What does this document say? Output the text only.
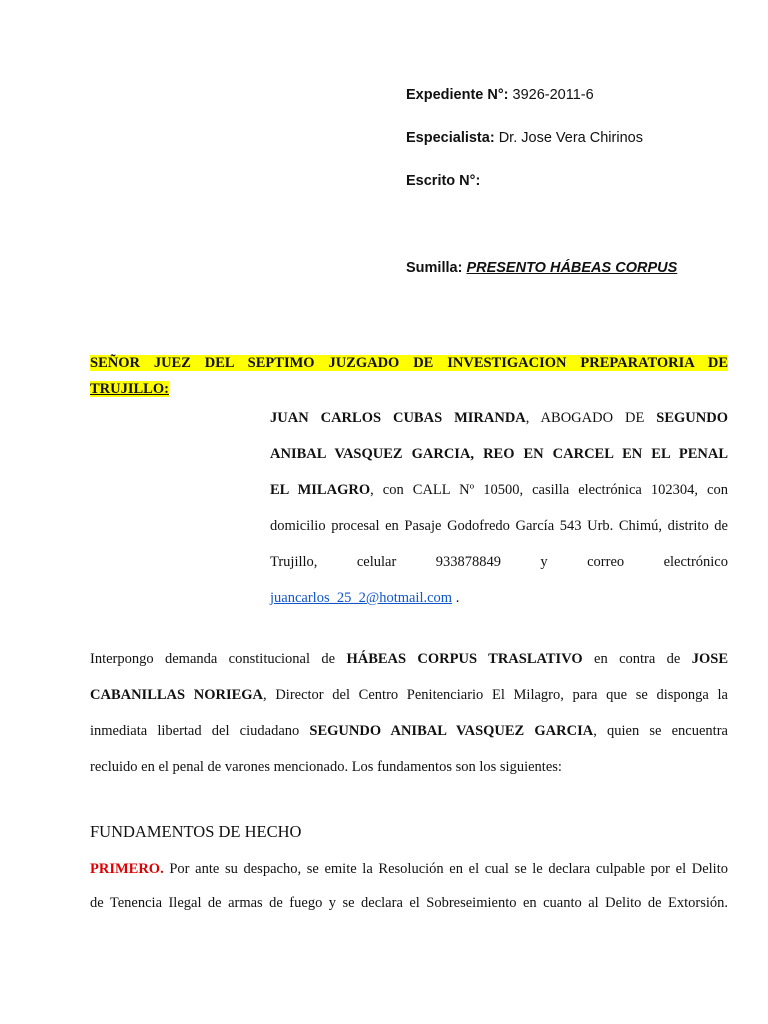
Expediente N°: 3926-2011-6
Especialista: Dr. Jose Vera Chirinos
Escrito N°:
Sumilla: PRESENTO HÁBEAS CORPUS
SEÑOR JUEZ DEL SEPTIMO JUZGADO DE INVESTIGACION PREPARATORIA DE
TRUJILLO:
JUAN CARLOS CUBAS MIRANDA, ABOGADO DE SEGUNDO
ANIBAL VASQUEZ GARCIA, REO EN CARCEL EN EL PENAL
EL MILAGRO, con CALL Nº 10500, casilla electrónica 102304, con
domicilio procesal en Pasaje Godofredo García 543 Urb. Chimú, distrito de
Trujillo, celular 933878849 y correo electrónico
juancarlos_25_2@hotmail.com .
Interpongo demanda constitucional de HÁBEAS CORPUS TRASLATIVO en contra de JOSE
CABANILLAS NORIEGA, Director del Centro Penitenciario El Milagro, para que se disponga la
inmediata libertad del ciudadano SEGUNDO ANIBAL VASQUEZ GARCIA, quien se encuentra
recluido en el penal de varones mencionado. Los fundamentos son los siguientes:
FUNDAMENTOS DE HECHO
PRIMERO. Por ante su despacho, se emite la Resolución en el cual se le declara culpable por el Delito
de Tenencia Ilegal de armas de fuego y se declara el Sobreseimiento en cuanto al Delito de Extorsión.
